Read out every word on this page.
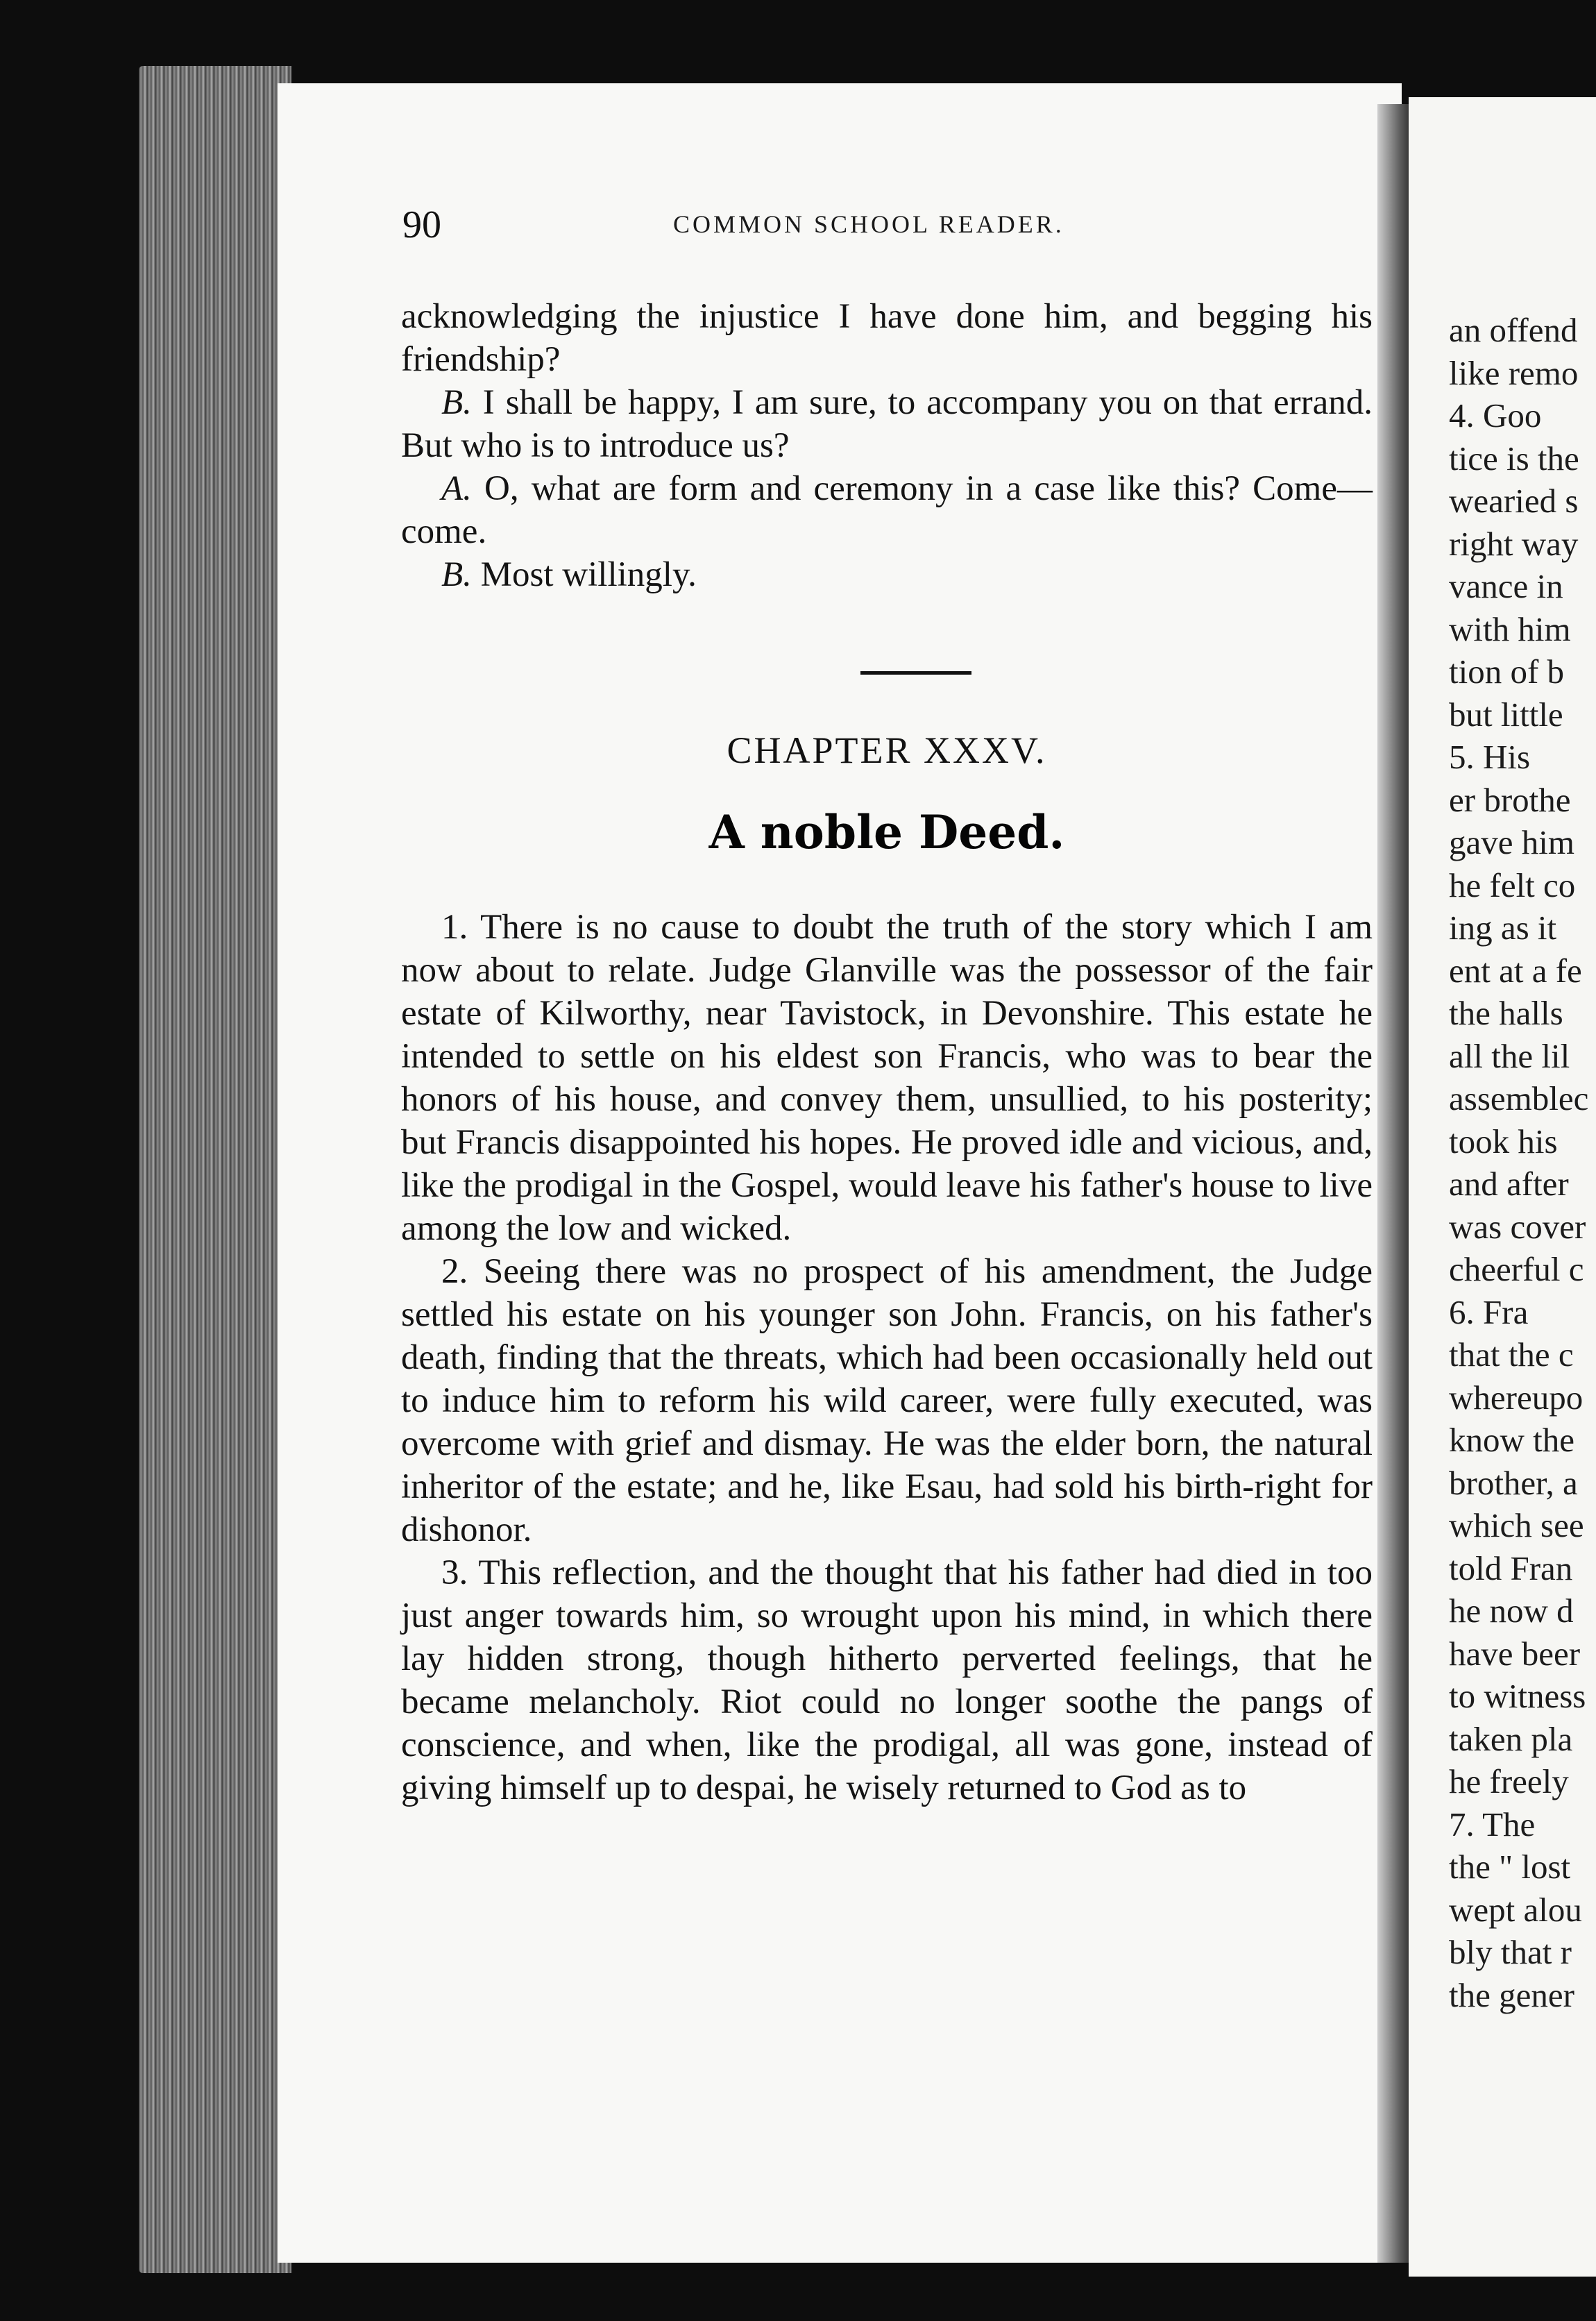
90	COMMON SCHOOL READER.

acknowledging the injustice I have done him, and begging his friendship?

B. I shall be happy, I am sure, to accompany you on that errand. But who is to introduce us?

A. O, what are form and ceremony in a case like this? Come—come.

B. Most willingly.

CHAPTER XXXV.
A noble Deed.

1. There is no cause to doubt the truth of the story which I am now about to relate. Judge Glanville was the possessor of the fair estate of Kilworthy, near Tavistock, in Devonshire. This estate he intended to settle on his eldest son Francis, who was to bear the honors of his house, and convey them, unsullied, to his posterity; but Francis disappointed his hopes. He proved idle and vicious, and, like the prodigal in the Gospel, would leave his father's house to live among the low and wicked.

2. Seeing there was no prospect of his amendment, the Judge settled his estate on his younger son John. Francis, on his father's death, finding that the threats, which had been occasionally held out to induce him to reform his wild career, were fully executed, was overcome with grief and dismay. He was the elder born, the natural inheritor of the estate; and he, like Esau, had sold his birth-right for dishonor.

3. This reflection, and the thought that his father had died in too just anger towards him, so wrought upon his mind, in which there lay hidden strong, though hitherto perverted feelings, that he became melancholy. Riot could no longer soothe the pangs of conscience, and when, like the prodigal, all was gone, instead of giving himself up to despai, he wisely returned to God as to

an offend
like remo
4. Goo
tice is the
wearied s
right way
vance in
with him
tion of b
but little
5. His
er brothe
gave him
he felt co
ing as it
ent at a fe
the halls
all the lil
assemblec
took his
and after
was cover
cheerful c
6. Fra
that the c
whereupo
know the
brother, a
which see
told Fran
he now d
have beer
to witness
taken pla
he freely
7. The
the " lost
wept alou
bly that r
the gener
